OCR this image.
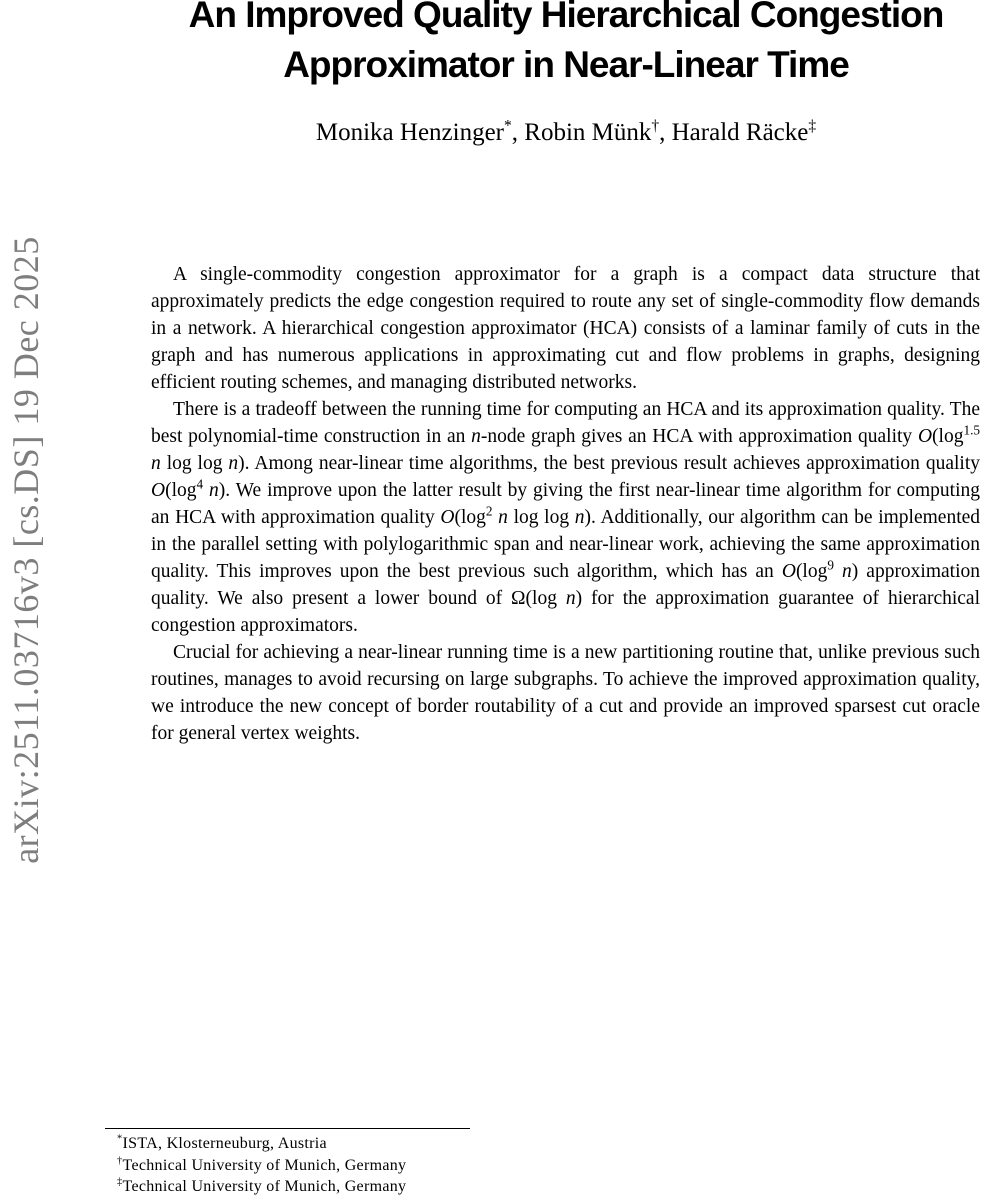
arXiv:2511.03716v3 [cs.DS] 19 Dec 2025
An Improved Quality Hierarchical Congestion
Approximator in Near-Linear Time
Monika Henzinger*, Robin Münk†, Harald Räcke‡

A single-commodity congestion approximator for a graph is a compact data structure that approximately predicts the edge congestion required to route any set of single-commodity flow demands in a network. A hierarchical congestion approximator (HCA) consists of a laminar family of cuts in the graph and has numerous applications in approximating cut and flow problems in graphs, designing efficient routing schemes, and managing distributed networks.

There is a tradeoff between the running time for computing an HCA and its approximation quality. The best polynomial-time construction in an n-node graph gives an HCA with approximation quality $O(\log^{1.5}$ n log log n). Among near-linear time algorithms, the best previous result achieves approximation quality $O(\log^4$ n). We improve upon the latter result by giving the first near-linear time algorithm for computing an HCA with approximation quality $O(\log^2$ n log log n). Additionally, our algorithm can be implemented in the parallel setting with polylogarithmic span and near-linear work, achieving the same approximation quality. This improves upon the best previous such algorithm, which has an $O(\log^9$ n) approximation quality. We also present a lower bound of Ω(log n) for the approximation guarantee of hierarchical congestion approximators.

Crucial for achieving a near-linear running time is a new partitioning routine that, unlike previous such routines, manages to avoid recursing on large subgraphs. To achieve the improved approximation quality, we introduce the new concept of border routability of a cut and provide an improved sparsest cut oracle for general vertex weights.

*ISTA, Klosterneuburg, Austria
†Technical University of Munich, Germany
‡Technical University of Munich, Germany
